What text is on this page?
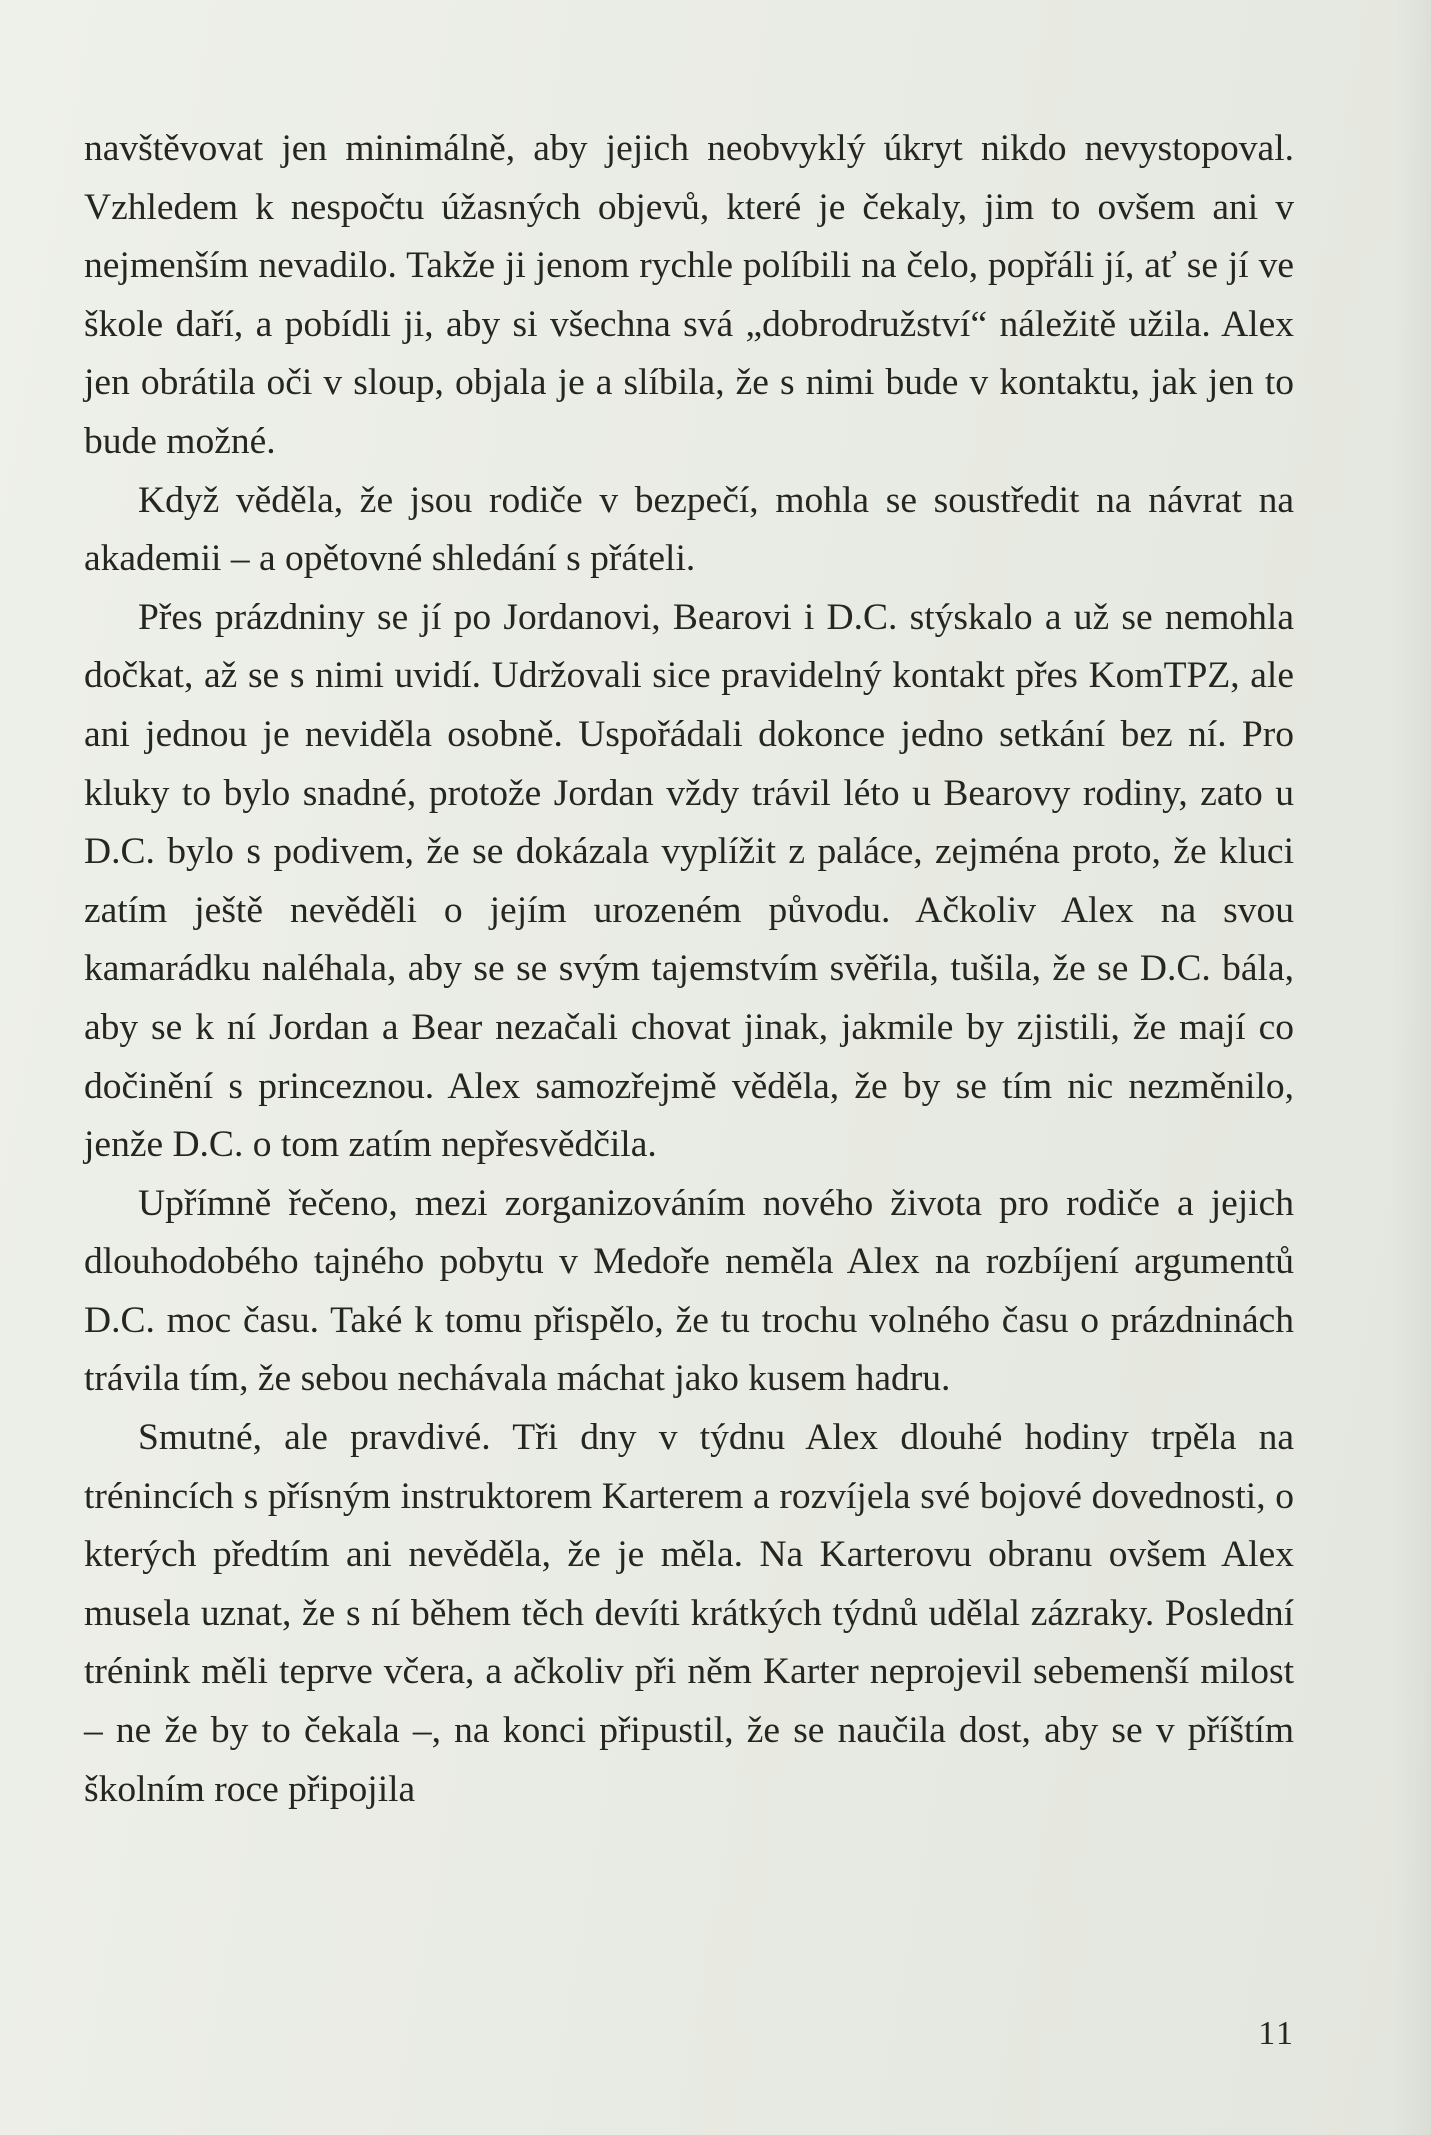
navštěvovat jen minimálně, aby jejich neobvyklý úkryt nikdo nevystopoval. Vzhledem k nespočtu úžasných objevů, které je čekaly, jim to ovšem ani v nejmenším nevadilo. Takže ji jenom rychle políbili na čelo, popřáli jí, ať se jí ve škole daří, a pobídli ji, aby si všechna svá „dobrodružství“ náležitě užila. Alex jen obrátila oči v sloup, objala je a slíbila, že s nimi bude v kontaktu, jak jen to bude možné.

Když věděla, že jsou rodiče v bezpečí, mohla se soustředit na návrat na akademii – a opětovné shledání s přáteli.

Přes prázdniny se jí po Jordanovi, Bearovi i D.C. stýskalo a už se nemohla dočkat, až se s nimi uvidí. Udržovali sice pravidelný kontakt přes KomTPZ, ale ani jednou je neviděla osobně. Uspořádali dokonce jedno setkání bez ní. Pro kluky to bylo snadné, protože Jordan vždy trávil léto u Bearovy rodiny, zato u D.C. bylo s podivem, že se dokázala vyplížit z paláce, zejména proto, že kluci zatím ještě nevěděli o jejím urozeném původu. Ačkoliv Alex na svou kamarádku naléhala, aby se se svým tajemstvím svěřila, tušila, že se D.C. bála, aby se k ní Jordan a Bear nezačali chovat jinak, jakmile by zjistili, že mají co dočinění s princeznou. Alex samozřejmě věděla, že by se tím nic nezměnilo, jenže D.C. o tom zatím nepřesvědčila.

Upřímně řečeno, mezi zorganizováním nového života pro rodiče a jejich dlouhodobého tajného pobytu v Medoře neměla Alex na rozbíjení argumentů D.C. moc času. Také k tomu přispělo, že tu trochu volného času o prázdninách trávila tím, že sebou nechávala máchat jako kusem hadru.

Smutné, ale pravdivé. Tři dny v týdnu Alex dlouhé hodiny trpěla na trénincích s přísným instruktorem Karterem a rozvíjela své bojové dovednosti, o kterých předtím ani nevěděla, že je měla. Na Karterovu obranu ovšem Alex musela uznat, že s ní během těch devíti krátkých týdnů udělal zázraky. Poslední trénink měli teprve včera, a ačkoliv při něm Karter neprojevil sebemenší milost – ne že by to čekala –, na konci připustil, že se naučila dost, aby se v příštím školním roce připojila

11
